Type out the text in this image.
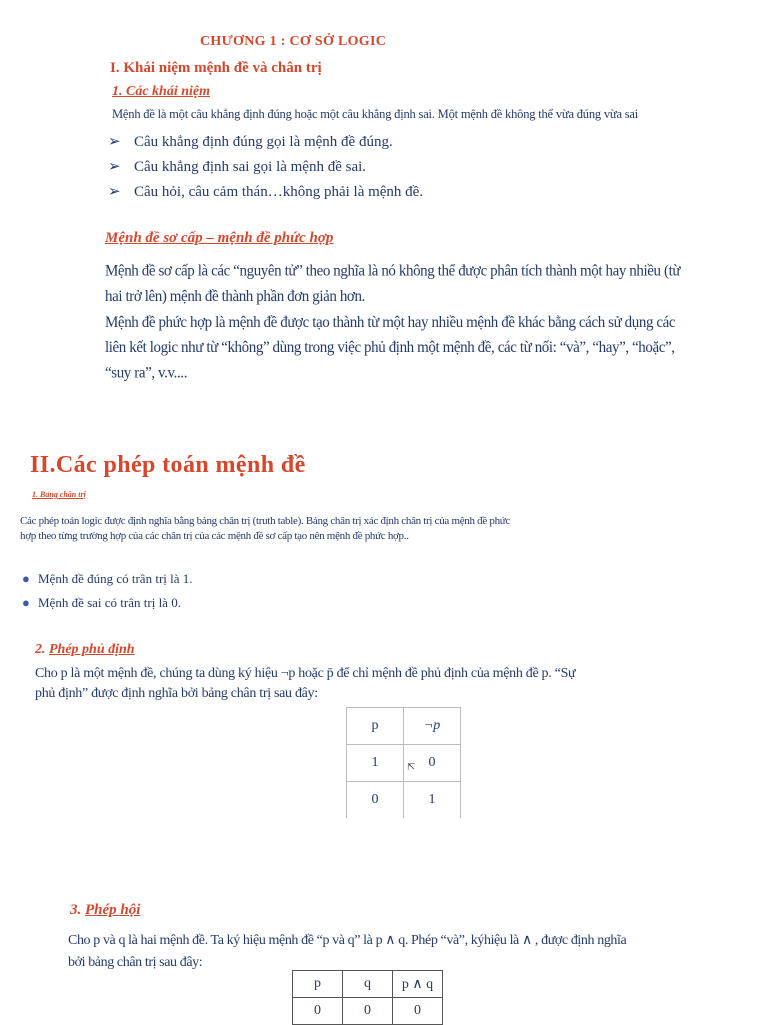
CHƯƠNG 1 : CƠ SỞ LOGIC
I. Khái niệm mệnh đề và chân trị
1. Các khái niệm
Mệnh đề là một câu khẳng định đúng hoặc một câu khẳng định sai. Một mệnh đề không thể vừa đúng vừa sai
➢ Câu khẳng định đúng gọi là mệnh đề đúng.
➢ Câu khẳng định sai gọi là mệnh đề sai.
➢ Câu hỏi, câu cảm thán…không phải là mệnh đề.
Mệnh đề sơ cấp – mệnh đề phức hợp
Mệnh đề sơ cấp là các “nguyên tử” theo nghĩa là nó không thể được phân tích thành một hay nhiều (từ hai trở lên) mệnh đề thành phần đơn giản hơn.
Mệnh đề phức hợp là mệnh đề được tạo thành từ một hay nhiều mệnh đề khác bằng cách sử dụng các liên kết logic như từ “không” dùng trong việc phủ định một mệnh đề, các từ nối: “và”, “hay”, “hoặc”, “suy ra”, v.v....
II.Các phép toán mệnh đề
1. Bảng chân trị
Các phép toán logic được định nghĩa bằng bảng chân trị (truth table). Bảng chân trị xác định chân trị của mệnh đề phức hợp theo từng trường hợp của các chân trị của các mệnh đề sơ cấp tạo nên mệnh đề phức hợp..
● Mệnh đề đúng có trân trị là 1.
● Mệnh đề sai có trân trị là 0.
2. Phép phủ định
Cho p là một mệnh đề, chúng ta dùng ký hiệu ¬p hoặc p̄ để chỉ mệnh đề phủ định của mệnh đề p. “Sự
phủ định” được định nghĩa bởi bảng chân trị sau đây:
p	¬p
1	0
0	1
⇱
3. Phép hội
Cho p và q là hai mệnh đề. Ta ký hiệu mệnh đề “p và q” là p ∧ q. Phép “và”, kýhiệu là ∧ , được định nghĩa
bởi bảng chân trị sau đây:
p	q	p ∧ q
0	0	0
